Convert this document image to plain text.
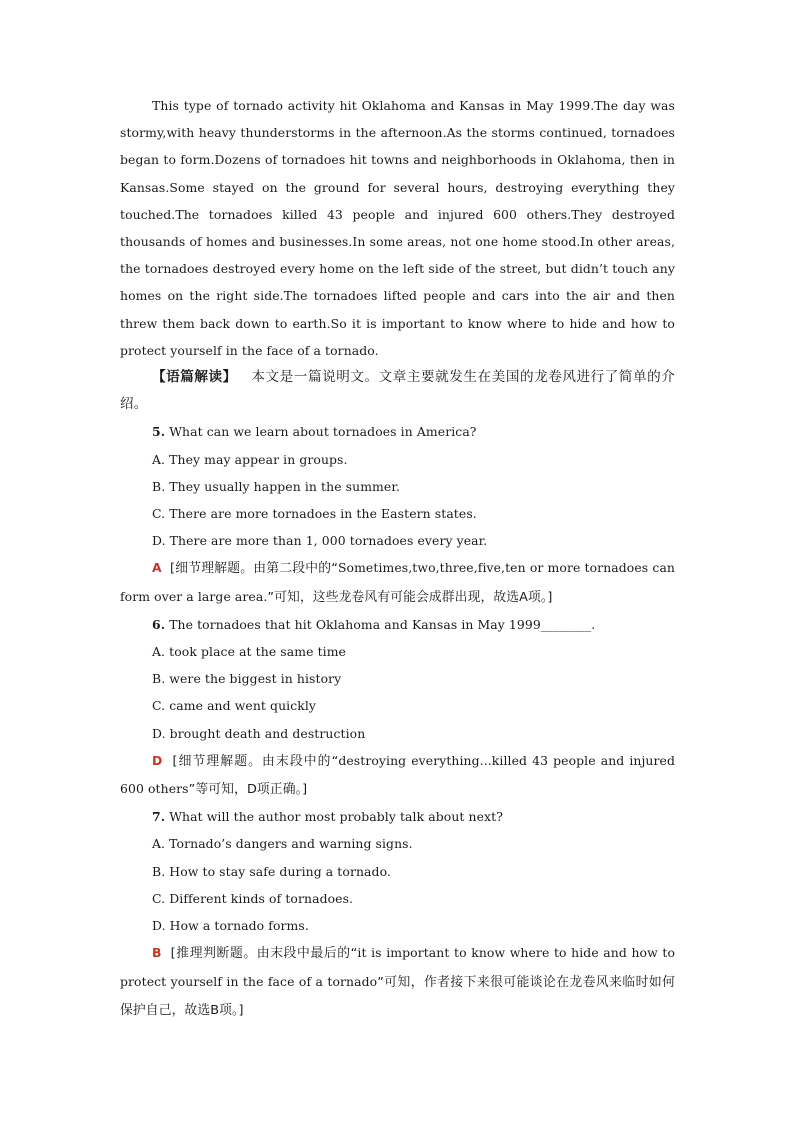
This type of tornado activity hit Oklahoma and Kansas in May 1999.The day was stormy,with heavy thunderstorms in the afternoon.As the storms continued, tornadoes began to form.Dozens of tornadoes hit towns and neighborhoods in Oklahoma, then in Kansas.Some stayed on the ground for several hours, destroying everything they touched.The tornadoes killed 43 people and injured 600 others.They destroyed thousands of homes and businesses.In some areas, not one home stood.In other areas, the tornadoes destroyed every home on the left side of the street, but didn’t touch any homes on the right side.The tornadoes lifted people and cars into the air and then threw them back down to earth.So it is important to know where to hide and how to protect yourself in the face of a tornado.

【语篇解读】 本文是一篇说明文。文章主要就发生在美国的龙卷风进行了简单的介绍。

5. What can we learn about tornadoes in America?

A. They may appear in groups.

B. They usually happen in the summer.

C. There are more tornadoes in the Eastern states.

D. There are more than 1, 000 tornadoes every year.

A [细节理解题。由第二段中的“Sometimes,two,three,five,ten or more tornadoes can form over a large area.”可知，这些龙卷风有可能会成群出现，故选A项。]

6. The tornadoes that hit Oklahoma and Kansas in May 1999________.

A. took place at the same time

B. were the biggest in history

C. came and went quickly

D. brought death and destruction

D [细节理解题。由末段中的“destroying everything...killed 43 people and injured 600 others”等可知，D项正确。]

7. What will the author most probably talk about next?

A. Tornado’s dangers and warning signs.

B. How to stay safe during a tornado.

C. Different kinds of tornadoes.

D. How a tornado forms.

B [推理判断题。由末段中最后的“it is important to know where to hide and how to protect yourself in the face of a tornado”可知，作者接下来很可能谈论在龙卷风来临时如何保护自己，故选B项。]
